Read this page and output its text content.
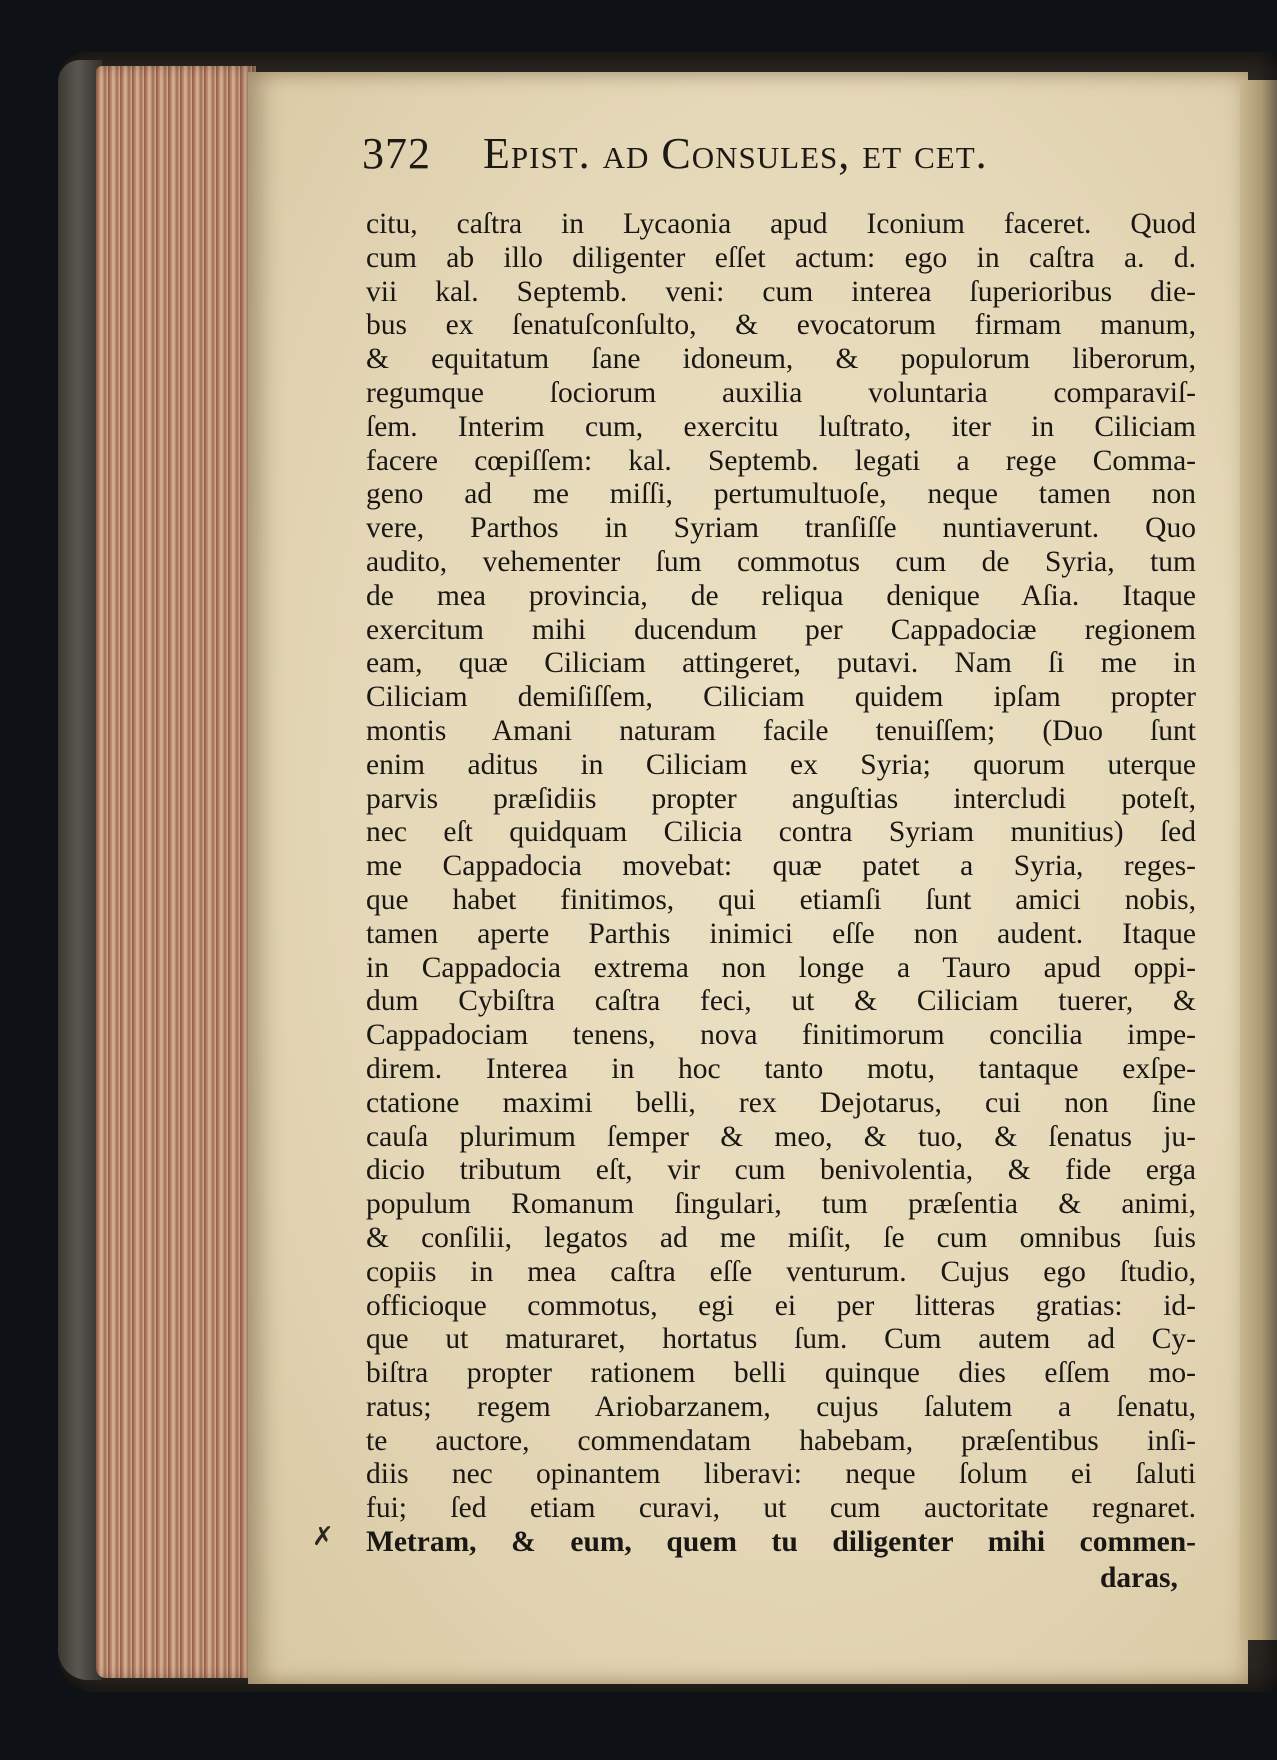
372 Epist. ad Consules, et cet.
citu, caſtra in Lycaonia apud Iconium faceret. Quod
cum ab illo diligenter eſſet actum: ego in caſtra a. d.
vii kal. Septemb. veni: cum interea ſuperioribus die-
bus ex ſenatuſconſulto, & evocatorum firmam manum,
& equitatum ſane idoneum, & populorum liberorum,
regumque ſociorum auxilia voluntaria comparaviſ-
ſem. Interim cum, exercitu luſtrato, iter in Ciliciam
facere cœpiſſem: kal. Septemb. legati a rege Comma-
geno ad me miſſi, pertumultuoſe, neque tamen non
vere, Parthos in Syriam tranſiſſe nuntiaverunt. Quo
audito, vehementer ſum commotus cum de Syria, tum
de mea provincia, de reliqua denique Aſia. Itaque
exercitum mihi ducendum per Cappadociæ regionem
eam, quæ Ciliciam attingeret, putavi. Nam ſi me in
Ciliciam demiſiſſem, Ciliciam quidem ipſam propter
montis Amani naturam facile tenuiſſem; (Duo ſunt
enim aditus in Ciliciam ex Syria; quorum uterque
parvis præſidiis propter anguſtias intercludi poteſt,
nec eſt quidquam Cilicia contra Syriam munitius) ſed
me Cappadocia movebat: quæ patet a Syria, reges-
que habet finitimos, qui etiamſi ſunt amici nobis,
tamen aperte Parthis inimici eſſe non audent. Itaque
in Cappadocia extrema non longe a Tauro apud oppi-
dum Cybiſtra caſtra feci, ut & Ciliciam tuerer, &
Cappadociam tenens, nova finitimorum concilia impe-
direm. Interea in hoc tanto motu, tantaque exſpe-
ctatione maximi belli, rex Dejotarus, cui non ſine
cauſa plurimum ſemper & meo, & tuo, & ſenatus ju-
dicio tributum eſt, vir cum benivolentia, & fide erga
populum Romanum ſingulari, tum præſentia & animi,
& conſilii, legatos ad me miſit, ſe cum omnibus ſuis
copiis in mea caſtra eſſe venturum. Cujus ego ſtudio,
officioque commotus, egi ei per litteras gratias: id-
que ut maturaret, hortatus ſum. Cum autem ad Cy-
biſtra propter rationem belli quinque dies eſſem mo-
ratus; regem Ariobarzanem, cujus ſalutem a ſenatu,
te auctore, commendatam habebam, præſentibus inſi-
diis nec opinantem liberavi: neque ſolum ei ſaluti
fui; ſed etiam curavi, ut cum auctoritate regnaret.
Metram, & eum, quem tu diligenter mihi commen-
daras,
✗
